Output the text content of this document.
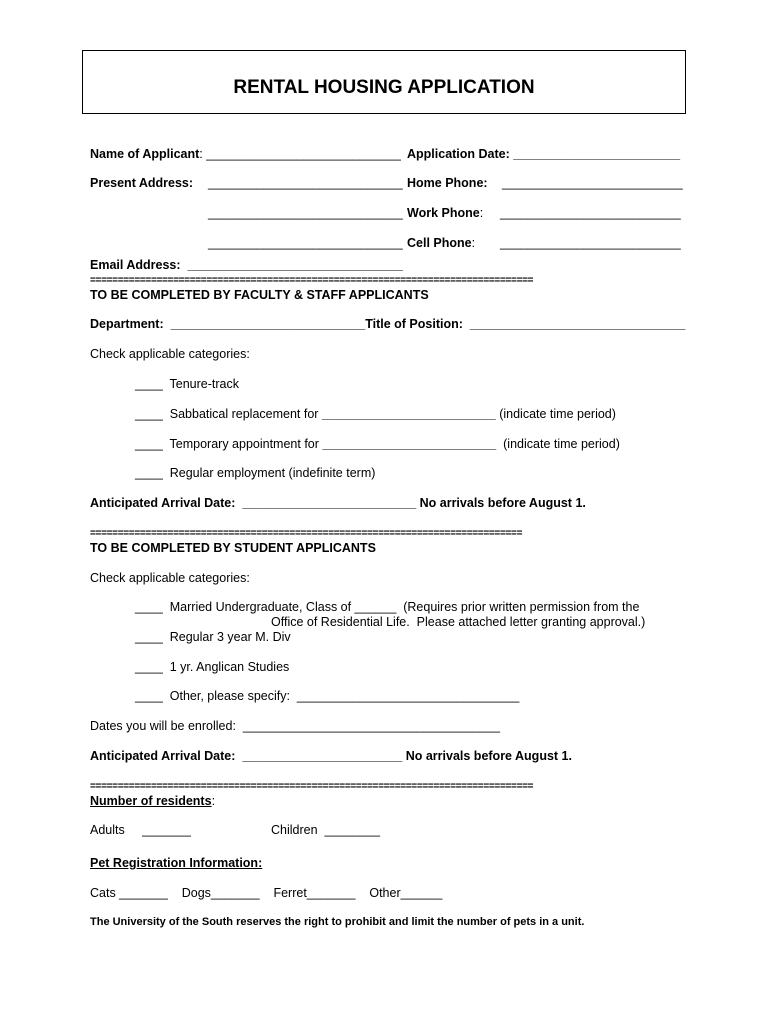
RENTAL HOUSING APPLICATION
Name of Applicant: ____________________________ Application Date: ________________________
Present Address: ____________________________ Home Phone: __________________________
____________________________ Work Phone: __________________________
____________________________ Cell Phone: __________________________
Email Address:  _______________________________
================================================================================
TO BE COMPLETED BY FACULTY & STAFF APPLICANTS
Department:  ____________________________Title of Position:  _______________________________
Check applicable categories:
____  Tenure-track
____  Sabbatical replacement for _________________________ (indicate time period)
____  Temporary appointment for _________________________  (indicate time period)
____  Regular employment (indefinite term)
Anticipated Arrival Date:  _________________________ No arrivals before August 1.
==============================================================================
TO BE COMPLETED BY STUDENT APPLICANTS
Check applicable categories:
____  Married Undergraduate, Class of ______  (Requires prior written permission from the
Office of Residential Life.  Please attached letter granting approval.)
____  Regular 3 year M. Div
____  1 yr. Anglican Studies
____  Other, please specify:  ________________________________
Dates you will be enrolled:  _____________________________________
Anticipated Arrival Date:  _______________________ No arrivals before August 1.
================================================================================
Number of residents:
Adults     _______	Children  ________
Pet Registration Information:
Cats _______    Dogs_______    Ferret_______    Other______
The University of the South reserves the right to prohibit and limit the number of pets in a unit.
